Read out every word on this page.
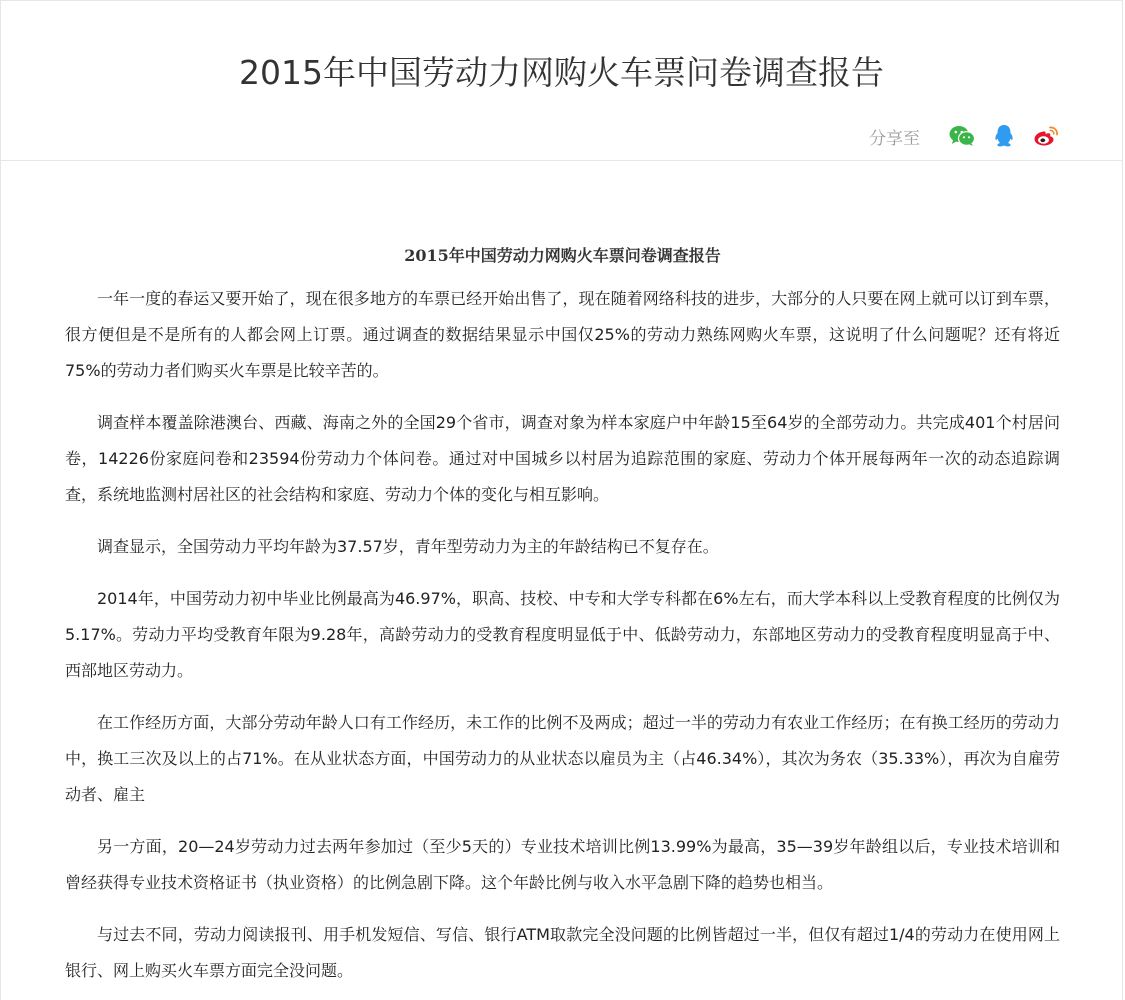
2015年中国劳动力网购火车票问卷调查报告
分享至
2015年中国劳动力网购火车票问卷调查报告

一年一度的春运又要开始了，现在很多地方的车票已经开始出售了，现在随着网络科技的进步，大部分的人只要在网上就可以订到车票，很方便但是不是所有的人都会网上订票。通过调查的数据结果显示中国仅25%的劳动力熟练网购火车票，这说明了什么问题呢？还有将近75%的劳动力者们购买火车票是比较辛苦的。

调查样本覆盖除港澳台、西藏、海南之外的全国29个省市，调查对象为样本家庭户中年龄15至64岁的全部劳动力。共完成401个村居问卷，14226份家庭问卷和23594份劳动力个体问卷。通过对中国城乡以村居为追踪范围的家庭、劳动力个体开展每两年一次的动态追踪调查，系统地监测村居社区的社会结构和家庭、劳动力个体的变化与相互影响。

调查显示，全国劳动力平均年龄为37.57岁，青年型劳动力为主的年龄结构已不复存在。

2014年，中国劳动力初中毕业比例最高为46.97%，职高、技校、中专和大学专科都在6%左右，而大学本科以上受教育程度的比例仅为5.17%。劳动力平均受教育年限为9.28年，高龄劳动力的受教育程度明显低于中、低龄劳动力，东部地区劳动力的受教育程度明显高于中、西部地区劳动力。

在工作经历方面，大部分劳动年龄人口有工作经历，未工作的比例不及两成；超过一半的劳动力有农业工作经历；在有换工经历的劳动力中，换工三次及以上的占71%。在从业状态方面，中国劳动力的从业状态以雇员为主（占46.34%），其次为务农（35.33%），再次为自雇劳动者、雇主

另一方面，20—24岁劳动力过去两年参加过（至少5天的）专业技术培训比例13.99%为最高，35—39岁年龄组以后，专业技术培训和曾经获得专业技术资格证书（执业资格）的比例急剧下降。这个年龄比例与收入水平急剧下降的趋势也相当。

与过去不同，劳动力阅读报刊、用手机发短信、写信、银行ATM取款完全没问题的比例皆超过一半，但仅有超过1/4的劳动力在使用网上银行、网上购买火车票方面完全没问题。
